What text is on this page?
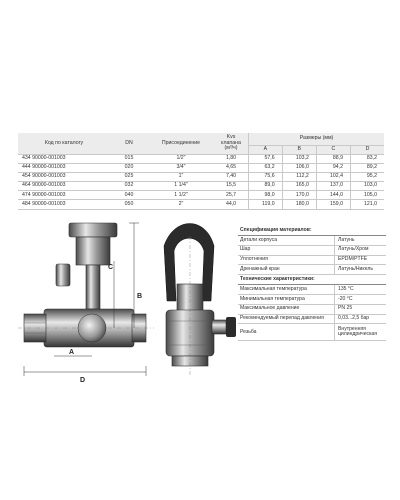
Код по каталогу	DN	Присоединение	Kvs
клапана
(м³/ч)	Размеры (мм)			
				A	B	C	D
434 90000-001003	015	1/2"	1,80	57,6	103,2	88,9	83,2
444 90000-001003	020	3/4"	4,65	63,2	106,0	94,2	89,2
454 90000-001003	025	1"	7,40	75,6	112,2	102,4	95,2
464 90000-001003	032	1 1/4"	15,5	89,0	165,0	137,0	103,0
474 90000-001003	040	1 1/2"	25,7	98,0	170,0	144,0	105,0
484 90000-001003	050	2"	44,0	119,0	180,0	159,0	121,0
Спецификация материалов:	
Детали корпуса	Латунь
Шар	Латунь/Хром
Уплотнения	EPDM/PTFE
Дренажный кран	Латунь/Никель
Технические характеристики:	
Максимальная температура	135 °C
Минимальная температура	-20 °C
Максимальное давление	PN 25
Рекомендуемый перепад давления	0,03...2,5 бар
Резьба	Внутренняя цилиндрическая
C
B
A
D
